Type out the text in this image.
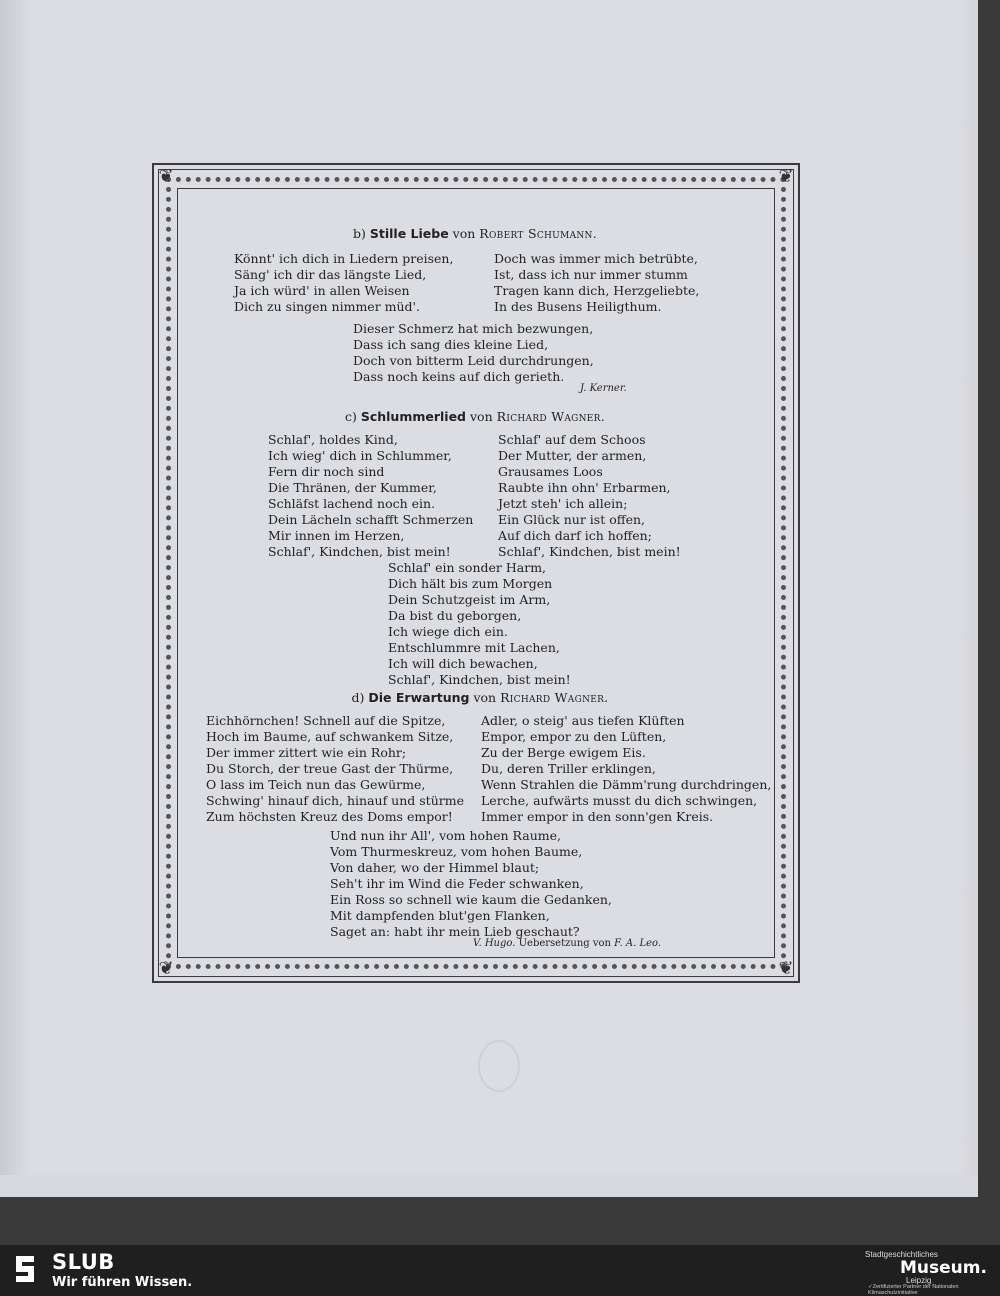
❦	❦
❦	❦
b) Stille Liebe von Robert Schumann.
Könnt' ich dich in Liedern preisen,
Säng' ich dir das längste Lied,
Ja ich würd' in allen Weisen
Dich zu singen nimmer müd'.
Doch was immer mich betrübte,
Ist, dass ich nur immer stumm
Tragen kann dich, Herzgeliebte,
In des Busens Heiligthum.
Dieser Schmerz hat mich bezwungen,
Dass ich sang dies kleine Lied,
Doch von bitterm Leid durchdrungen,
Dass noch keins auf dich gerieth.
J. Kerner.
c) Schlummerlied von Richard Wagner.
Schlaf', holdes Kind,
Ich wieg' dich in Schlummer,
Fern dir noch sind
Die Thränen, der Kummer,
Schläfst lachend noch ein.
Dein Lächeln schafft Schmerzen
Mir innen im Herzen,
Schlaf', Kindchen, bist mein!
Schlaf' auf dem Schoos
Der Mutter, der armen,
Grausames Loos
Raubte ihn ohn' Erbarmen,
Jetzt steh' ich allein;
Ein Glück nur ist offen,
Auf dich darf ich hoffen;
Schlaf', Kindchen, bist mein!
Schlaf' ein sonder Harm,
Dich hält bis zum Morgen
Dein Schutzgeist im Arm,
Da bist du geborgen,
Ich wiege dich ein.
Entschlummre mit Lachen,
Ich will dich bewachen,
Schlaf', Kindchen, bist mein!
d) Die Erwartung von Richard Wagner.
Eichhörnchen! Schnell auf die Spitze,
Hoch im Baume, auf schwankem Sitze,
Der immer zittert wie ein Rohr;
Du Storch, der treue Gast der Thürme,
O lass im Teich nun das Gewürme,
Schwing' hinauf dich, hinauf und stürme
Zum höchsten Kreuz des Doms empor!
Adler, o steig' aus tiefen Klüften
Empor, empor zu den Lüften,
Zu der Berge ewigem Eis.
Du, deren Triller erklingen,
Wenn Strahlen die Dämm'rung durchdringen,
Lerche, aufwärts musst du dich schwingen,
Immer empor in den sonn'gen Kreis.
Und nun ihr All', vom hohen Raume,
Vom Thurmeskreuz, vom hohen Baume,
Von daher, wo der Himmel blaut;
Seh't ihr im Wind die Feder schwanken,
Ein Ross so schnell wie kaum die Gedanken,
Mit dampfenden blut'gen Flanken,
Saget an: habt ihr mein Lieb geschaut?
V. Hugo. Uebersetzung von F. A. Leo.
SLUB
Wir führen Wissen.
Stadtgeschichtliches
Museum.
Leipzig
✓Zertifizierter Partner der Nationalen Klimaschutzinitiative
